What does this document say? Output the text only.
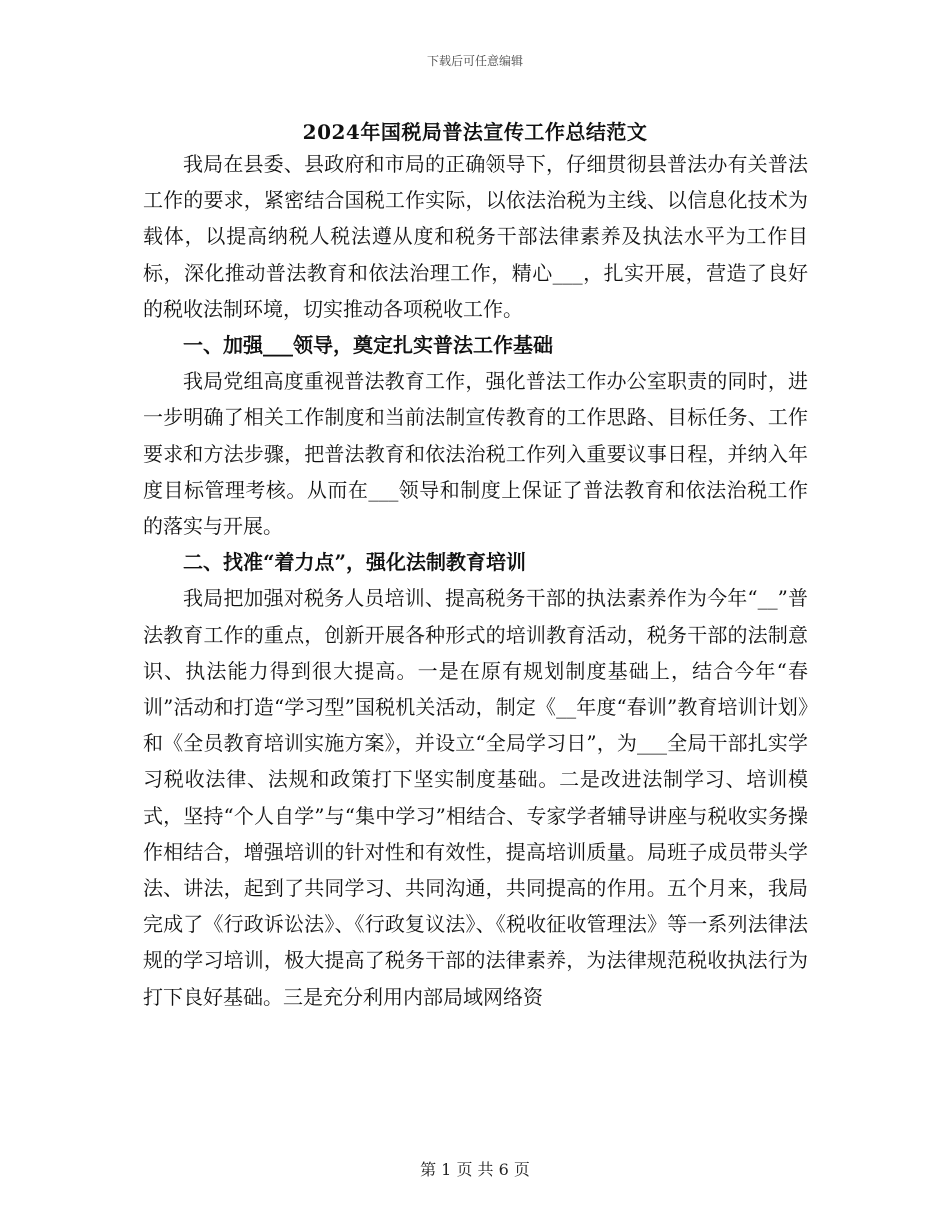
下载后可任意编辑
2024年国税局普法宣传工作总结范文

我局在县委、县政府和市局的正确领导下，仔细贯彻县普法办有关普法工作的要求，紧密结合国税工作实际，以依法治税为主线、以信息化技术为载体，以提高纳税人税法遵从度和税务干部法律素养及执法水平为工作目标，深化推动普法教育和依法治理工作，精心___，扎实开展，营造了良好的税收法制环境，切实推动各项税收工作。

一、加强___领导，奠定扎实普法工作基础

我局党组高度重视普法教育工作，强化普法工作办公室职责的同时，进一步明确了相关工作制度和当前法制宣传教育的工作思路、目标任务、工作要求和方法步骤，把普法教育和依法治税工作列入重要议事日程，并纳入年度目标管理考核。从而在___领导和制度上保证了普法教育和依法治税工作的落实与开展。

二、找准“着力点”，强化法制教育培训

我局把加强对税务人员培训、提高税务干部的执法素养作为今年“__”普法教育工作的重点，创新开展各种形式的培训教育活动，税务干部的法制意识、执法能力得到很大提高。一是在原有规划制度基础上，结合今年“春训”活动和打造“学习型”国税机关活动，制定《__年度“春训”教育培训计划》和《全员教育培训实施方案》，并设立“全局学习日”，为___全局干部扎实学习税收法律、法规和政策打下坚实制度基础。二是改进法制学习、培训模式，坚持“个人自学”与“集中学习”相结合、专家学者辅导讲座与税收实务操作相结合，增强培训的针对性和有效性，提高培训质量。局班子成员带头学法、讲法，起到了共同学习、共同沟通，共同提高的作用。五个月来，我局完成了《行政诉讼法》、《行政复议法》、《税收征收管理法》等一系列法律法规的学习培训，极大提高了税务干部的法律素养，为法律规范税收执法行为打下良好基础。三是充分利用内部局域网络资

第 1 页 共 6 页
